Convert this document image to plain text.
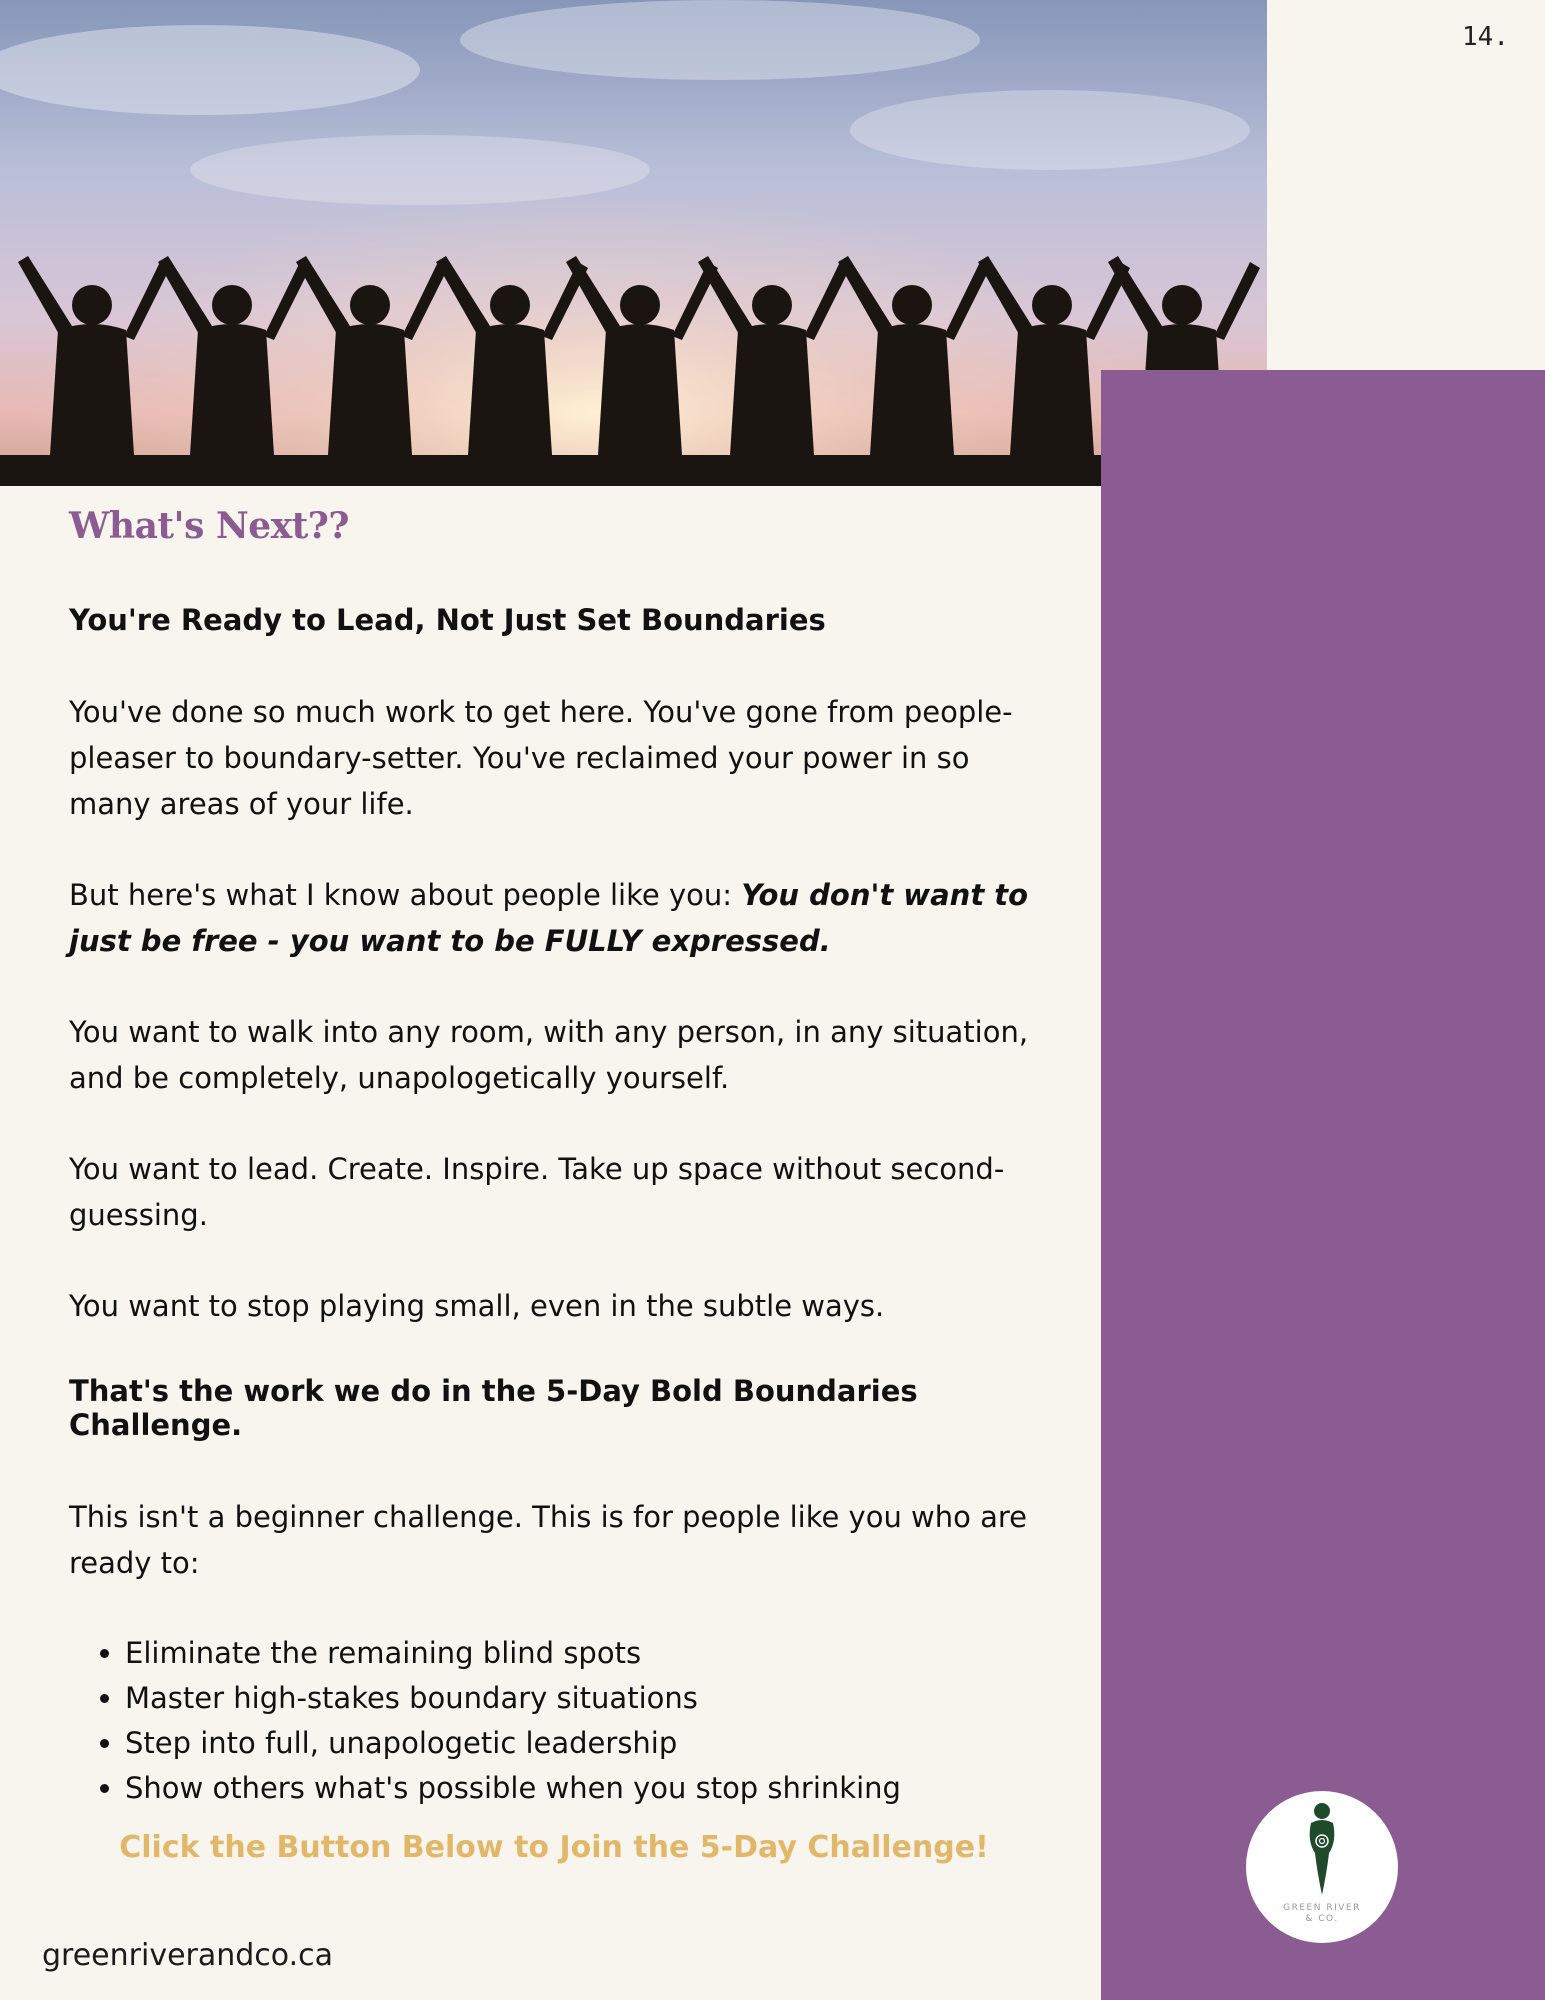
14.
What's Next??
You're Ready to Lead, Not Just Set Boundaries

You've done so much work to get here. You've gone from people-pleaser to boundary-setter. You've reclaimed your power in so many areas of your life.

But here's what I know about people like you: You don't want to just be free - you want to be FULLY expressed.

You want to walk into any room, with any person, in any situation, and be completely, unapologetically yourself.

You want to lead. Create. Inspire. Take up space without second-guessing.

You want to stop playing small, even in the subtle ways.

That's the work we do in the 5-Day Bold Boundaries Challenge.

This isn't a beginner challenge. This is for people like you who are ready to:

• Eliminate the remaining blind spots
• Master high-stakes boundary situations
• Step into full, unapologetic leadership
• Show others what's possible when you stop shrinking
Click the Button Below to Join the 5-Day Challenge!
greenriverandco.ca
GREEN RIVER
& CO.
